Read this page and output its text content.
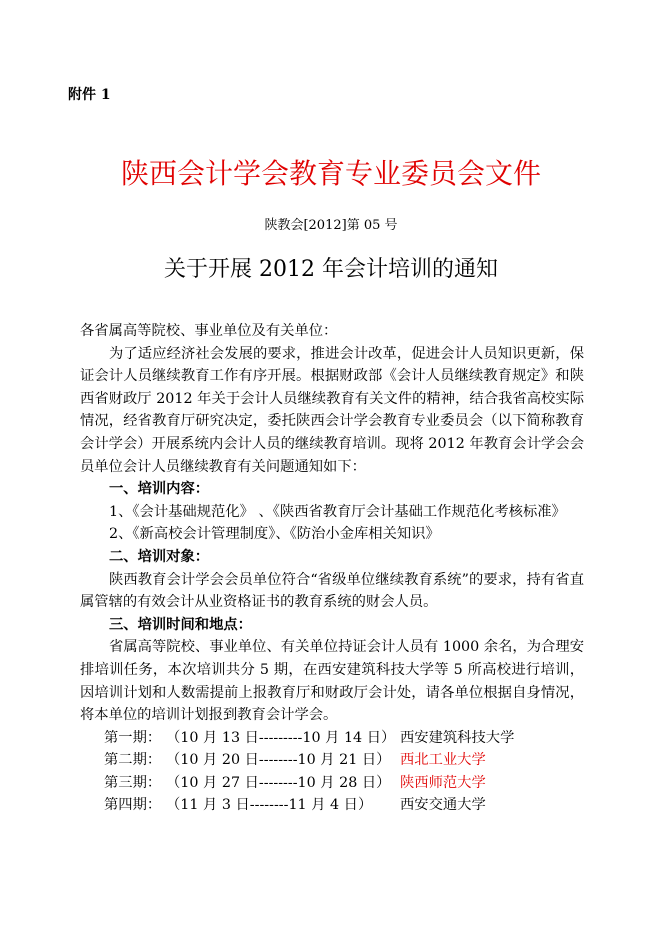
附件 1
陕西会计学会教育专业委员会文件
陕教会[2012]第 05 号
关于开展 2012 年会计培训的通知

各省属高等院校、事业单位及有关单位：

为了适应经济社会发展的要求，推进会计改革，促进会计人员知识更新，保证会计人员继续教育工作有序开展。根据财政部《会计人员继续教育规定》和陕西省财政厅 2012 年关于会计人员继续教育有关文件的精神，结合我省高校实际情况，经省教育厅研究决定，委托陕西会计学会教育专业委员会（以下简称教育会计学会）开展系统内会计人员的继续教育培训。现将 2012 年教育会计学会会员单位会计人员继续教育有关问题通知如下：

一、培训内容：

1、《会计基础规范化》 、《陕西省教育厅会计基础工作规范化考核标准》

2、《新高校会计管理制度》、《防治小金库相关知识》

二、培训对象：

陕西教育会计学会会员单位符合“省级单位继续教育系统”的要求，持有省直属管辖的有效会计从业资格证书的教育系统的财会人员。

三、培训时间和地点：

省属高等院校、事业单位、有关单位持证会计人员有 1000 余名，为合理安排培训任务，本次培训共分 5 期，在西安建筑科技大学等 5 所高校进行培训，因培训计划和人数需提前上报教育厅和财政厅会计处，请各单位根据自身情况，将本单位的培训计划报到教育会计学会。

第一期： （10 月 13 日---------10 月 14 日） 西安建筑科技大学
第二期： （10 月 20 日--------10 月 21 日） 西北工业大学
第三期： （10 月 27 日--------10 月 28 日） 陕西师范大学
第四期： （11 月 3 日--------11 月 4 日）	西安交通大学
